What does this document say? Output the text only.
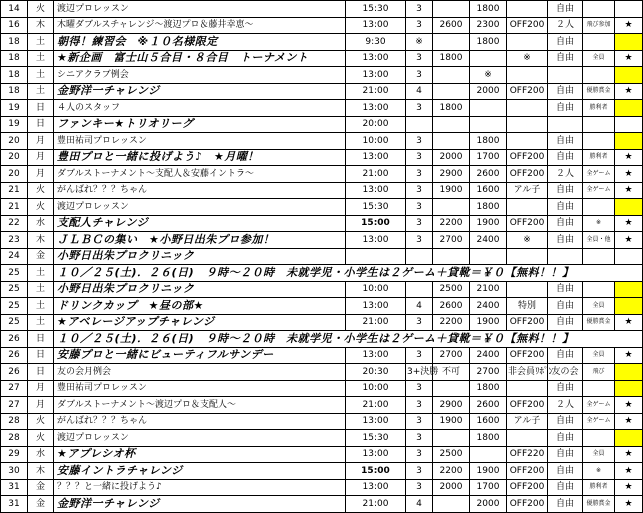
14	火	渡辺プロレッスン	15:30	3		1800		自由		
16	木	木曜ダブルスチャレンジ～渡辺プロ＆藤井幸恵～	13:00	3	2600	2300	OFF200	２人	飛び参加	★
18	土	朝得！練習会　※１０名様限定	9:30	※		1800		自由		
18	土	★新企画　富士山５合目・８合目　トーナメント	13:00	3	1800		※	自由	全員	★
18	土	シニアクラブ例会	13:00	3		※				
18	土	金野洋一チャレンジ	21:00	4		2000	OFF200	自由	優勝賞金	★
19	日	４人のスタッフ	13:00	3	1800			自由	勝利者	
19	日	ファンキー★トリオリーグ	20:00							
20	月	豊田祐司プロレッスン	10:00	3		1800		自由		
20	月	豊田プロと一緒に投げよう♪　★月曜！	13:00	3	2000	1700	OFF200	自由	勝利者	★
20	月	ダブルストーナメント～支配人＆安藤イントラ～	21:00	3	2900	2600	OFF200	２人	全ゲーム	★
21	火	がんばれ？？？ちゃん	13:00	3	1900	1600	アル子	自由	全ゲーム	★
21	火	渡辺プロレッスン	15:30	3		1800		自由		
22	水	支配人チャレンジ	15:00	3	2200	1900	OFF200	自由	※	★
23	木	ＪＬＢＣの集い　★小野日出朱プロ参加！	13:00	3	2700	2400	※	自由	全員・他	★
24	金	小野日出朱プロクリニック								
25	土	１０／２５(土)．２６(日)　９時～２０時　未就学児・小学生は２ゲーム＋貸靴＝￥０【無料！！】								
25	土	小野日出朱プロクリニック	10:00		2500	2100		自由		
25	土	ドリンクカップ　★昼の部★	13:00	4	2600	2400	特別	自由	全員	
25	土	★アベレージアップチャレンジ	21:00	3	2200	1900	OFF200	自由	優勝賞金	★
26	日	１０／２５(土)．２６(日)　９時～２０時　未就学児・小学生は２ゲーム＋貸靴＝￥０【無料！！】								
26	日	安藤プロと一緒にビューティフルサンデー	13:00	3	2700	2400	OFF200	自由	全員	★
26	日	友の会月例会	20:30	3+決勝	不可	2700	非会員ﾘﾎﾟﾝ	友の会	飛び	
27	月	豊田祐司プロレッスン	10:00	3		1800		自由		
27	月	ダブルストーナメント～渡辺プロ＆支配人～	21:00	3	2900	2600	OFF200	２人	全ゲーム	★
28	火	がんばれ？？？ちゃん	13:00	3	1900	1600	アル子	自由	全ゲーム	★
28	火	渡辺プロレッスン	15:30	3		1800		自由		
29	水	★アプレシオ杯	13:00	3	2500		OFF220	自由	全員	★
30	木	安藤イントラチャレンジ	15:00	3	2200	1900	OFF200	自由	※	★
31	金	？？？と一緒に投げよう♪	13:00	3	2000	1700	OFF200	自由	勝利者	★
31	金	金野洋一チャレンジ	21:00	4		2000	OFF200	自由	優勝賞金	★
